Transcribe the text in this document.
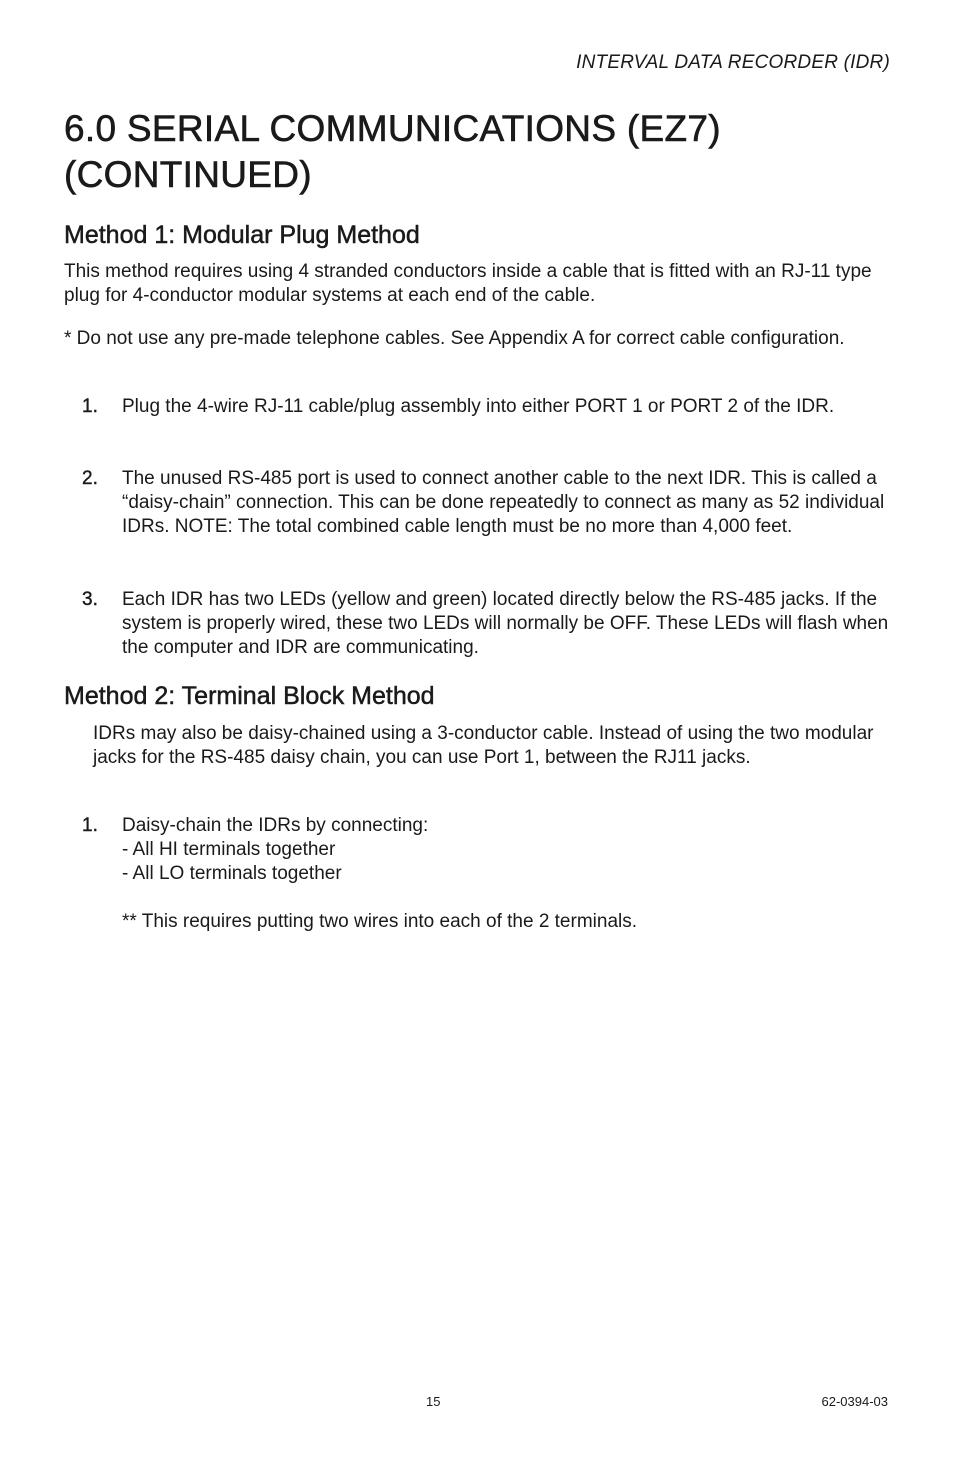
INTERVAL DATA RECORDER (IDR)
6.0 SERIAL COMMUNICATIONS (EZ7)
(CONTINUED)
Method 1: Modular Plug Method

This method requires using 4 stranded conductors inside a cable that is fitted with an RJ-11 type plug for 4-conductor modular systems at each end of the cable.

* Do not use any pre-made telephone cables. See Appendix A for correct cable configuration.

1. Plug the 4-wire RJ-11 cable/plug assembly into either PORT 1 or PORT 2 of the IDR.
2. The unused RS-485 port is used to connect another cable to the next IDR. This is called a “daisy-chain” connection. This can be done repeatedly to connect as many as 52 individual IDRs. NOTE: The total combined cable length must be no more than 4,000 feet.
3. Each IDR has two LEDs (yellow and green) located directly below the RS-485 jacks. If the system is properly wired, these two LEDs will normally be OFF. These LEDs will flash when the computer and IDR are communicating.
Method 2: Terminal Block Method

IDRs may also be daisy-chained using a 3-conductor cable. Instead of using the two modular jacks for the RS-485 daisy chain, you can use Port 1, between the RJ11 jacks.

1. Daisy-chain the IDRs by connecting:
- All HI terminals together
- All LO terminals together
** This requires putting two wires into each of the 2 terminals.
15	62-0394-03
